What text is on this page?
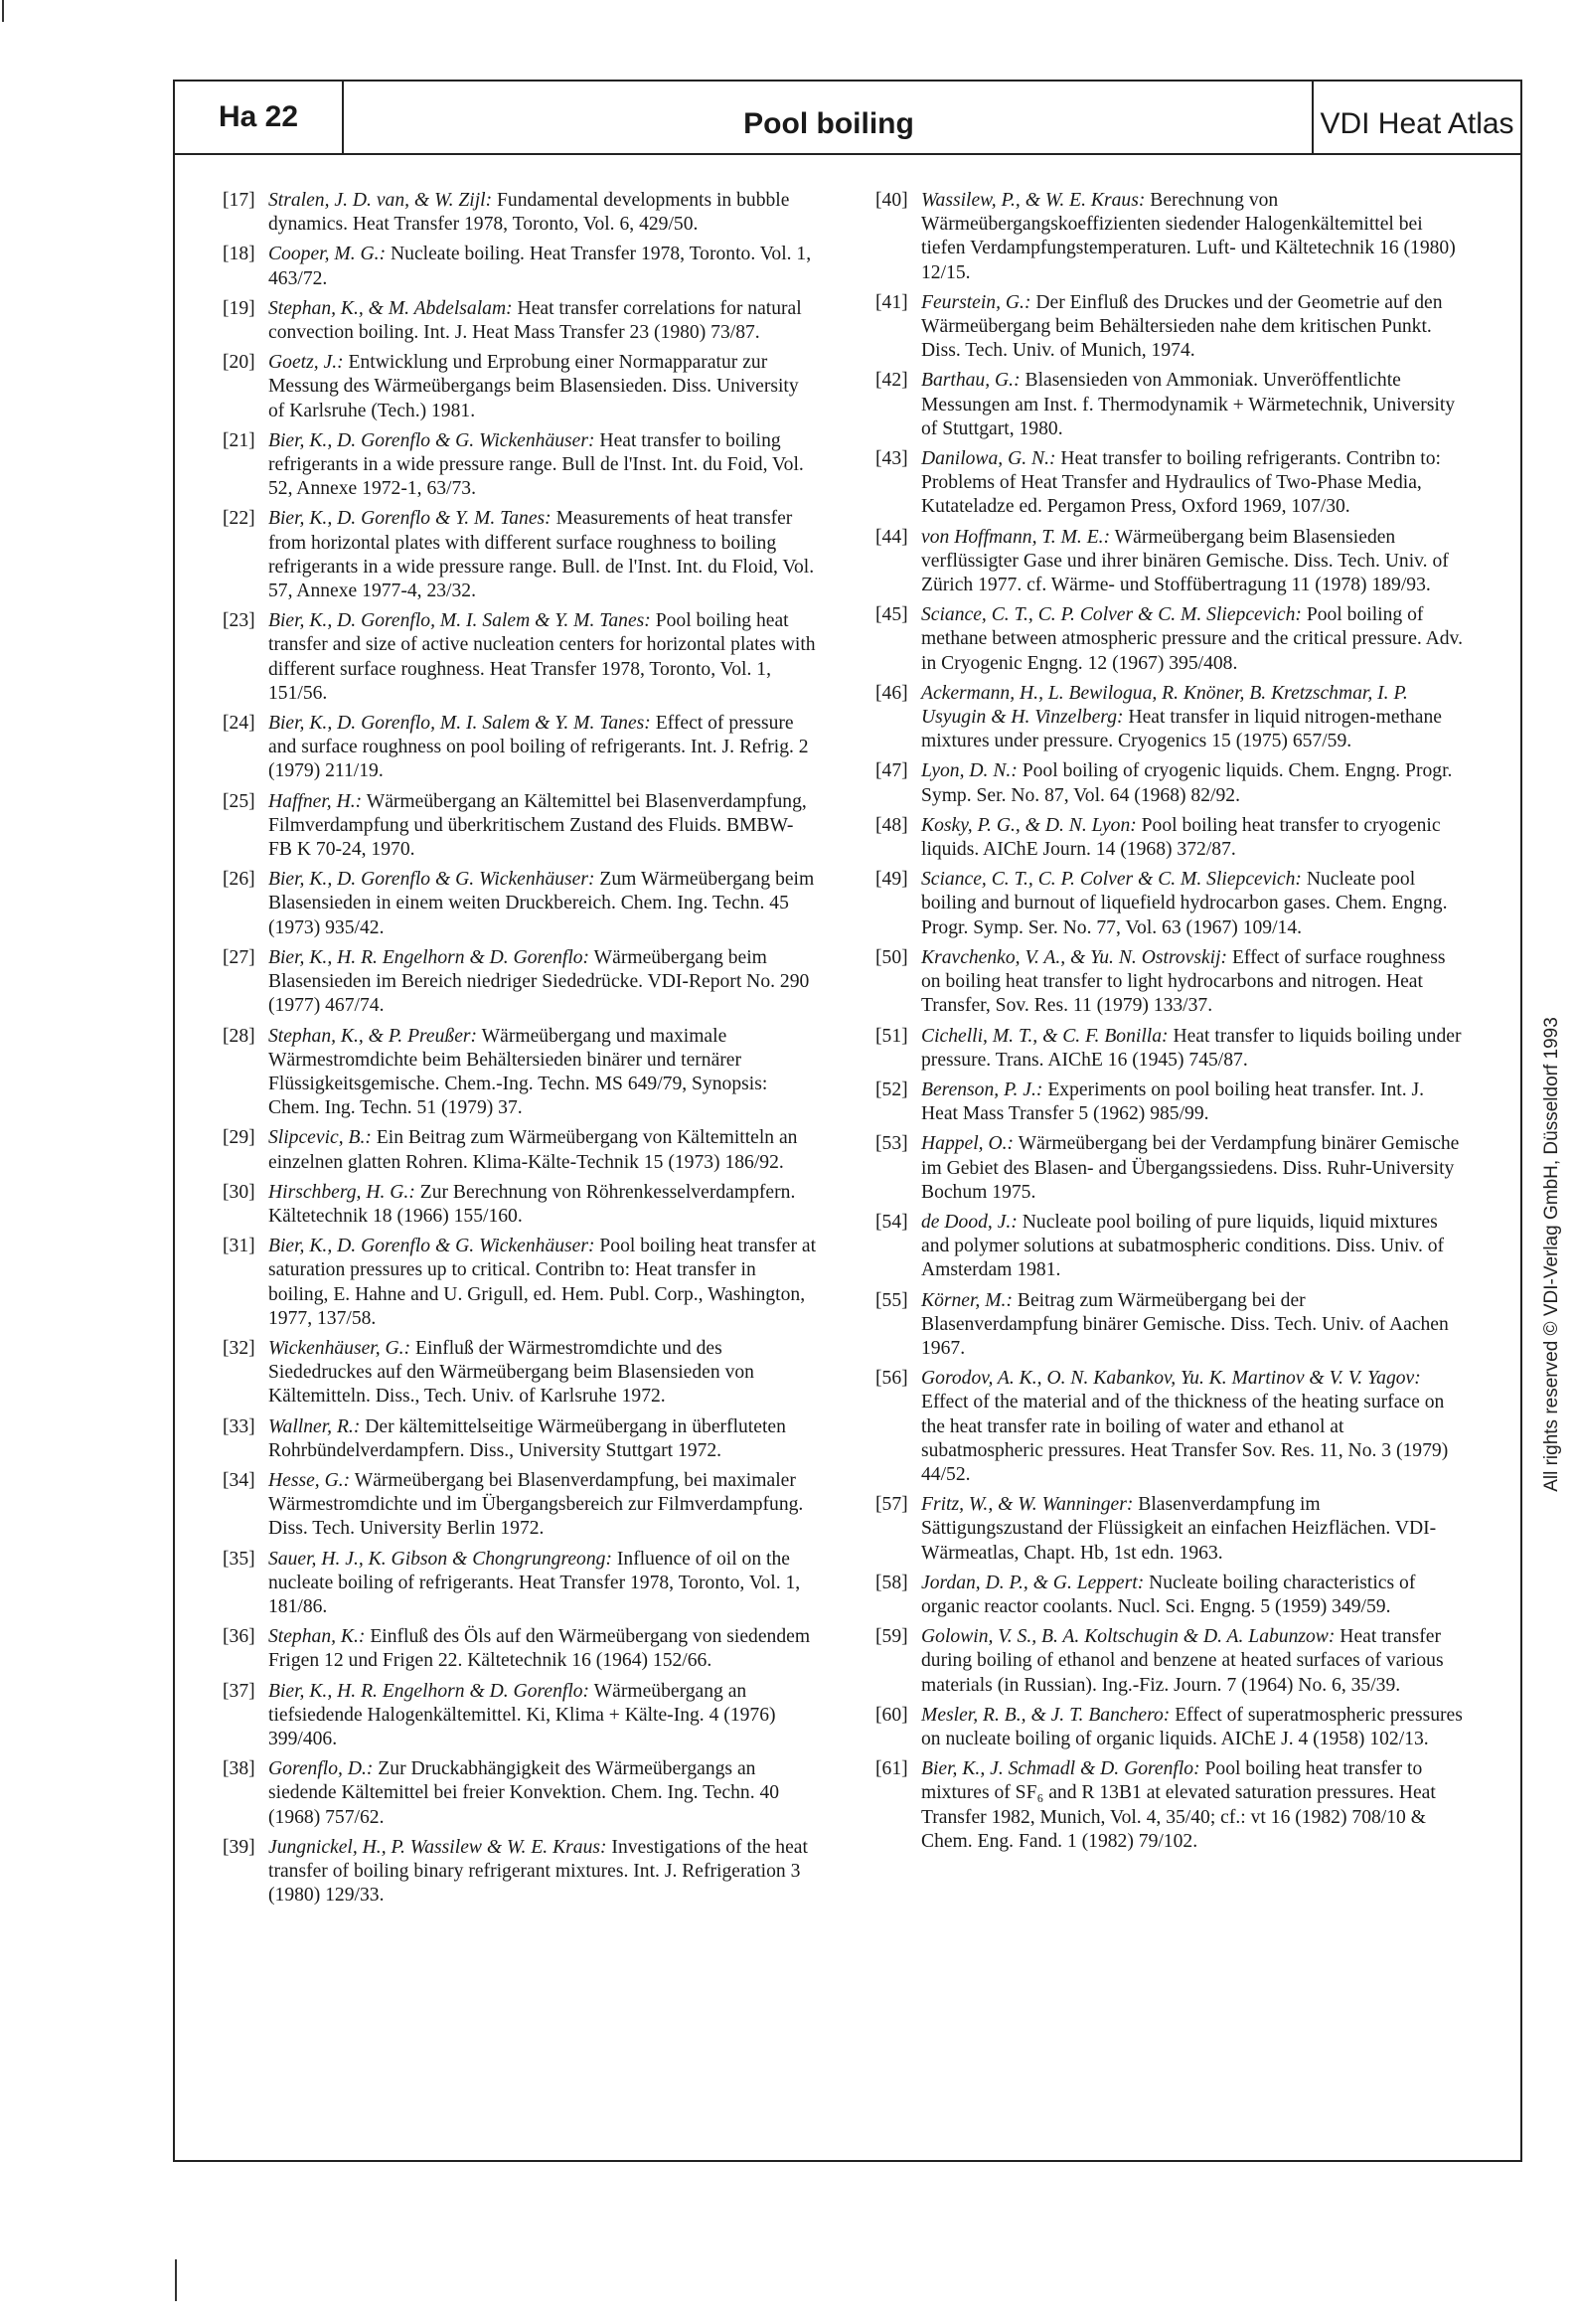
Ha 22	Pool boiling	VDI Heat Atlas
[17] Stralen, J. D. van, & W. Zijl: Fundamental developments in bubble dynamics. Heat Transfer 1978, Toronto, Vol. 6, 429/50.
[18] Cooper, M. G.: Nucleate boiling. Heat Transfer 1978, Toronto. Vol. 1, 463/72.
[19] Stephan, K., & M. Abdelsalam: Heat transfer correlations for natural convection boiling. Int. J. Heat Mass Transfer 23 (1980) 73/87.
[20] Goetz, J.: Entwicklung und Erprobung einer Normapparatur zur Messung des Wärmeübergangs beim Blasensieden. Diss. University of Karlsruhe (Tech.) 1981.
[21] Bier, K., D. Gorenflo & G. Wickenhäuser: Heat transfer to boiling refrigerants in a wide pressure range. Bull de l'Inst. Int. du Foid, Vol. 52, Annexe 1972-1, 63/73.
[22] Bier, K., D. Gorenflo & Y. M. Tanes: Measurements of heat transfer from horizontal plates with different surface roughness to boiling refrigerants in a wide pressure range. Bull. de l'Inst. Int. du Floid, Vol. 57, Annexe 1977-4, 23/32.
[23] Bier, K., D. Gorenflo, M. I. Salem & Y. M. Tanes: Pool boiling heat transfer and size of active nucleation centers for horizontal plates with different surface roughness. Heat Transfer 1978, Toronto, Vol. 1, 151/56.
[24] Bier, K., D. Gorenflo, M. I. Salem & Y. M. Tanes: Effect of pressure and surface roughness on pool boiling of refrigerants. Int. J. Refrig. 2 (1979) 211/19.
[25] Haffner, H.: Wärmeübergang an Kältemittel bei Blasenverdampfung, Filmverdampfung und überkritischem Zustand des Fluids. BMBW-FB K 70-24, 1970.
[26] Bier, K., D. Gorenflo & G. Wickenhäuser: Zum Wärmeübergang beim Blasensieden in einem weiten Druckbereich. Chem. Ing. Techn. 45 (1973) 935/42.
[27] Bier, K., H. R. Engelhorn & D. Gorenflo: Wärmeübergang beim Blasensieden im Bereich niedriger Siededrücke. VDI-Report No. 290 (1977) 467/74.
[28] Stephan, K., & P. Preußer: Wärmeübergang und maximale Wärmestromdichte beim Behältersieden binärer und ternärer Flüssigkeitsgemische. Chem.-Ing. Techn. MS 649/79, Synopsis: Chem. Ing. Techn. 51 (1979) 37.
[29] Slipcevic, B.: Ein Beitrag zum Wärmeübergang von Kältemitteln an einzelnen glatten Rohren. Klima-Kälte-Technik 15 (1973) 186/92.
[30] Hirschberg, H. G.: Zur Berechnung von Röhrenkesselverdampfern. Kältetechnik 18 (1966) 155/160.
[31] Bier, K., D. Gorenflo & G. Wickenhäuser: Pool boiling heat transfer at saturation pressures up to critical. Contribn to: Heat transfer in boiling, E. Hahne and U. Grigull, ed. Hem. Publ. Corp., Washington, 1977, 137/58.
[32] Wickenhäuser, G.: Einfluß der Wärmestromdichte und des Siededruckes auf den Wärmeübergang beim Blasensieden von Kältemitteln. Diss., Tech. Univ. of Karlsruhe 1972.
[33] Wallner, R.: Der kältemittelseitige Wärmeübergang in überfluteten Rohrbündelverdampfern. Diss., University Stuttgart 1972.
[34] Hesse, G.: Wärmeübergang bei Blasenverdampfung, bei maximaler Wärmestromdichte und im Übergangsbereich zur Filmverdampfung. Diss. Tech. University Berlin 1972.
[35] Sauer, H. J., K. Gibson & Chongrungreong: Influence of oil on the nucleate boiling of refrigerants. Heat Transfer 1978, Toronto, Vol. 1, 181/86.
[36] Stephan, K.: Einfluß des Öls auf den Wärmeübergang von siedendem Frigen 12 und Frigen 22. Kältetechnik 16 (1964) 152/66.
[37] Bier, K., H. R. Engelhorn & D. Gorenflo: Wärmeübergang an tiefsiedende Halogenkältemittel. Ki, Klima + Kälte-Ing. 4 (1976) 399/406.
[38] Gorenflo, D.: Zur Druckabhängigkeit des Wärmeübergangs an siedende Kältemittel bei freier Konvektion. Chem. Ing. Techn. 40 (1968) 757/62.
[39] Jungnickel, H., P. Wassilew & W. E. Kraus: Investigations of the heat transfer of boiling binary refrigerant mixtures. Int. J. Refrigeration 3 (1980) 129/33.
[40] Wassilew, P., & W. E. Kraus: Berechnung von Wärmeübergangskoeffizienten siedender Halogenkältemittel bei tiefen Verdampfungstemperaturen. Luft- und Kältetechnik 16 (1980) 12/15.
[41] Feurstein, G.: Der Einfluß des Druckes und der Geometrie auf den Wärmeübergang beim Behältersieden nahe dem kritischen Punkt. Diss. Tech. Univ. of Munich, 1974.
[42] Barthau, G.: Blasensieden von Ammoniak. Unveröffentlichte Messungen am Inst. f. Thermodynamik + Wärmetechnik, University of Stuttgart, 1980.
[43] Danilowa, G. N.: Heat transfer to boiling refrigerants. Contribn to: Problems of Heat Transfer and Hydraulics of Two-Phase Media, Kutateladze ed. Pergamon Press, Oxford 1969, 107/30.
[44] von Hoffmann, T. M. E.: Wärmeübergang beim Blasensieden verflüssigter Gase und ihrer binären Gemische. Diss. Tech. Univ. of Zürich 1977. cf. Wärme- und Stoffübertragung 11 (1978) 189/93.
[45] Sciance, C. T., C. P. Colver & C. M. Sliepcevich: Pool boiling of methane between atmospheric pressure and the critical pressure. Adv. in Cryogenic Engng. 12 (1967) 395/408.
[46] Ackermann, H., L. Bewilogua, R. Knöner, B. Kretzschmar, I. P. Usyugin & H. Vinzelberg: Heat transfer in liquid nitrogen-methane mixtures under pressure. Cryogenics 15 (1975) 657/59.
[47] Lyon, D. N.: Pool boiling of cryogenic liquids. Chem. Engng. Progr. Symp. Ser. No. 87, Vol. 64 (1968) 82/92.
[48] Kosky, P. G., & D. N. Lyon: Pool boiling heat transfer to cryogenic liquids. AIChE Journ. 14 (1968) 372/87.
[49] Sciance, C. T., C. P. Colver & C. M. Sliepcevich: Nucleate pool boiling and burnout of liquefield hydrocarbon gases. Chem. Engng. Progr. Symp. Ser. No. 77, Vol. 63 (1967) 109/14.
[50] Kravchenko, V. A., & Yu. N. Ostrovskij: Effect of surface roughness on boiling heat transfer to light hydrocarbons and nitrogen. Heat Transfer, Sov. Res. 11 (1979) 133/37.
[51] Cichelli, M. T., & C. F. Bonilla: Heat transfer to liquids boiling under pressure. Trans. AIChE 16 (1945) 745/87.
[52] Berenson, P. J.: Experiments on pool boiling heat transfer. Int. J. Heat Mass Transfer 5 (1962) 985/99.
[53] Happel, O.: Wärmeübergang bei der Verdampfung binärer Gemische im Gebiet des Blasen- and Übergangssiedens. Diss. Ruhr-University Bochum 1975.
[54] de Dood, J.: Nucleate pool boiling of pure liquids, liquid mixtures and polymer solutions at subatmospheric conditions. Diss. Univ. of Amsterdam 1981.
[55] Körner, M.: Beitrag zum Wärmeübergang bei der Blasenverdampfung binärer Gemische. Diss. Tech. Univ. of Aachen 1967.
[56] Gorodov, A. K., O. N. Kabankov, Yu. K. Martinov & V. V. Yagov: Effect of the material and of the thickness of the heating surface on the heat transfer rate in boiling of water and ethanol at subatmospheric pressures. Heat Transfer Sov. Res. 11, No. 3 (1979) 44/52.
[57] Fritz, W., & W. Wanninger: Blasenverdampfung im Sättigungszustand der Flüssigkeit an einfachen Heizflächen. VDI-Wärmeatlas, Chapt. Hb, 1st edn. 1963.
[58] Jordan, D. P., & G. Leppert: Nucleate boiling characteristics of organic reactor coolants. Nucl. Sci. Engng. 5 (1959) 349/59.
[59] Golowin, V. S., B. A. Koltschugin & D. A. Labunzow: Heat transfer during boiling of ethanol and benzene at heated surfaces of various materials (in Russian). Ing.-Fiz. Journ. 7 (1964) No. 6, 35/39.
[60] Mesler, R. B., & J. T. Banchero: Effect of superatmospheric pressures on nucleate boiling of organic liquids. AIChE J. 4 (1958) 102/13.
[61] Bier, K., J. Schmadl & D. Gorenflo: Pool boiling heat transfer to mixtures of SF₆ and R 13B1 at elevated saturation pressures. Heat Transfer 1982, Munich, Vol. 4, 35/40; cf.: vt 16 (1982) 708/10 & Chem. Eng. Fand. 1 (1982) 79/102.
All rights reserved © VDI-Verlag GmbH, Düsseldorf 1993
